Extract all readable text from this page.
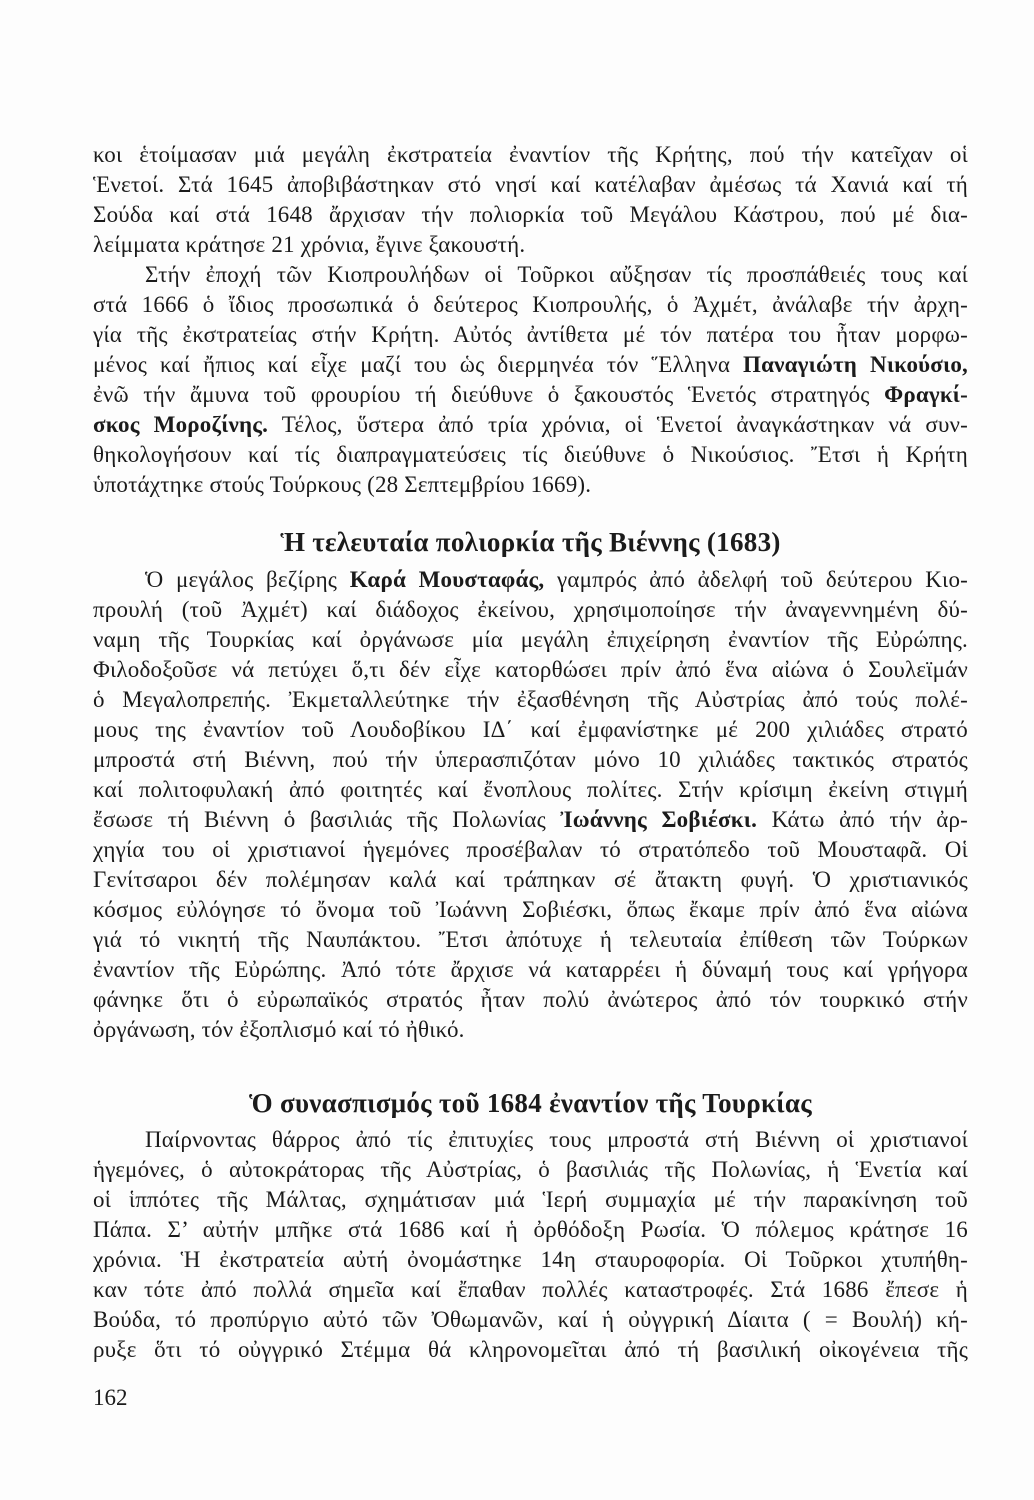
κοι ἑτοίμασαν μιά μεγάλη ἐκστρατεία ἐναντίον τῆς Κρήτης, πού τήν κατεῖχαν οἱ
Ἑνετοί. Στά 1645 ἀποβιβάστηκαν στό νησί καί κατέλαβαν ἀμέσως τά Χανιά καί τή
Σούδα καί στά 1648 ἄρχισαν τήν πολιορκία τοῦ Μεγάλου Κάστρου, πού μέ δια-
λείμματα κράτησε 21 χρόνια, ἔγινε ξακουστή.
Στήν ἐποχή τῶν Κιοπρουλήδων οἱ Τοῦρκοι αὔξησαν τίς προσπάθειές τους καί
στά 1666 ὁ ἴδιος προσωπικά ὁ δεύτερος Κιοπρουλής, ὁ Ἀχμέτ, ἀνάλαβε τήν ἀρχη-
γία τῆς ἐκστρατείας στήν Κρήτη. Αὐτός ἀντίθετα μέ τόν πατέρα του ἦταν μορφω-
μένος καί ἤπιος καί εἶχε μαζί του ὡς διερμηνέα τόν Ἕλληνα Παναγιώτη Νικούσιο,
ἐνῶ τήν ἄμυνα τοῦ φρουρίου τή διεύθυνε ὁ ξακουστός Ἑνετός στρατηγός Φραγκί-
σκος Μοροζίνης. Τέλος, ὕστερα ἀπό τρία χρόνια, οἱ Ἑνετοί ἀναγκάστηκαν νά συν-
θηκολογήσουν καί τίς διαπραγματεύσεις τίς διεύθυνε ὁ Νικούσιος. Ἔτσι ἡ Κρήτη
ὑποτάχτηκε στούς Τούρκους (28 Σεπτεμβρίου 1669).
Ἡ τελευταία πολιορκία τῆς Βιέννης (1683)
Ὁ μεγάλος βεζίρης Καρά Μουσταφάς, γαμπρός ἀπό ἀδελφή τοῦ δεύτερου Κιο-
προυλή (τοῦ Ἀχμέτ) καί διάδοχος ἐκείνου, χρησιμοποίησε τήν ἀναγεννημένη δύ-
ναμη τῆς Τουρκίας καί ὀργάνωσε μία μεγάλη ἐπιχείρηση ἐναντίον τῆς Εὐρώπης.
Φιλοδοξοῦσε νά πετύχει ὅ,τι δέν εἶχε κατορθώσει πρίν ἀπό ἕνα αἰώνα ὁ Σουλεϊμάν
ὁ Μεγαλοπρεπής. Ἐκμεταλλεύτηκε τήν ἐξασθένηση τῆς Αὐστρίας ἀπό τούς πολέ-
μους της ἐναντίον τοῦ Λουδοβίκου ΙΔ΄ καί ἐμφανίστηκε μέ 200 χιλιάδες στρατό
μπροστά στή Βιέννη, πού τήν ὑπερασπιζόταν μόνο 10 χιλιάδες τακτικός στρατός
καί πολιτοφυλακή ἀπό φοιτητές καί ἔνοπλους πολίτες. Στήν κρίσιμη ἐκείνη στιγμή
ἔσωσε τή Βιέννη ὁ βασιλιάς τῆς Πολωνίας Ἰωάννης Σοβιέσκι. Κάτω ἀπό τήν ἀρ-
χηγία του οἱ χριστιανοί ἡγεμόνες προσέβαλαν τό στρατόπεδο τοῦ Μουσταφᾶ. Οἱ
Γενίτσαροι δέν πολέμησαν καλά καί τράπηκαν σέ ἄτακτη φυγή. Ὁ χριστιανικός
κόσμος εὐλόγησε τό ὄνομα τοῦ Ἰωάννη Σοβιέσκι, ὅπως ἔκαμε πρίν ἀπό ἕνα αἰώνα
γιά τό νικητή τῆς Ναυπάκτου. Ἔτσι ἀπότυχε ἡ τελευταία ἐπίθεση τῶν Τούρκων
ἐναντίον τῆς Εὐρώπης. Ἀπό τότε ἄρχισε νά καταρρέει ἡ δύναμή τους καί γρήγορα
φάνηκε ὅτι ὁ εὐρωπαϊκός στρατός ἦταν πολύ ἀνώτερος ἀπό τόν τουρκικό στήν
ὀργάνωση, τόν ἐξοπλισμό καί τό ἠθικό.
Ὁ συνασπισμός τοῦ 1684 ἐναντίον τῆς Τουρκίας
Παίρνοντας θάρρος ἀπό τίς ἐπιτυχίες τους μπροστά στή Βιέννη οἱ χριστιανοί
ἡγεμόνες, ὁ αὐτοκράτορας τῆς Αὐστρίας, ὁ βασιλιάς τῆς Πολωνίας, ἡ Ἑνετία καί
οἱ ἱππότες τῆς Μάλτας, σχημάτισαν μιά Ἱερή συμμαχία μέ τήν παρακίνηση τοῦ
Πάπα. Σ’ αὐτήν μπῆκε στά 1686 καί ἡ ὀρθόδοξη Ρωσία. Ὁ πόλεμος κράτησε 16
χρόνια. Ἡ ἐκστρατεία αὐτή ὀνομάστηκε 14η σταυροφορία. Οἱ Τοῦρκοι χτυπήθη-
καν τότε ἀπό πολλά σημεῖα καί ἔπαθαν πολλές καταστροφές. Στά 1686 ἔπεσε ἡ
Βούδα, τό προπύργιο αὐτό τῶν Ὀθωμανῶν, καί ἡ οὐγγρική Δίαιτα ( = Βουλή) κή-
ρυξε ὅτι τό οὐγγρικό Στέμμα θά κληρονομεῖται ἀπό τή βασιλική οἰκογένεια τῆς
162
